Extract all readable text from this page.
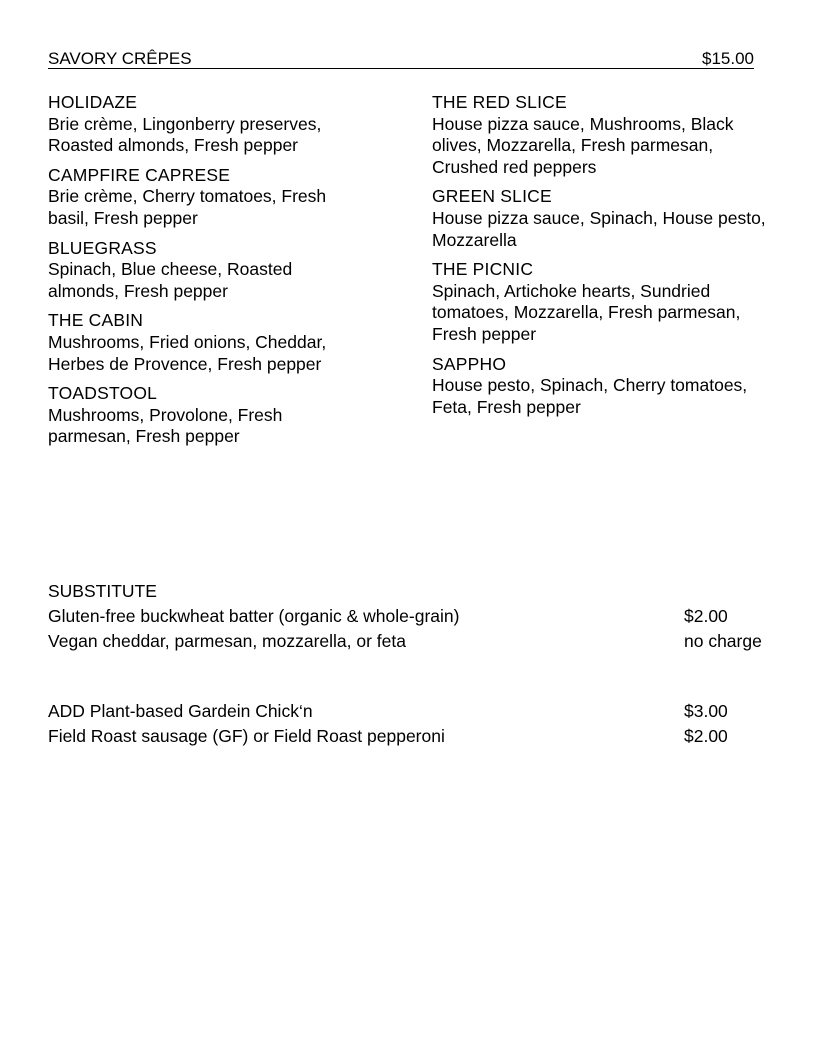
SAVORY CRÊPES	$15.00
HOLIDAZE
Brie crème, Lingonberry preserves, Roasted almonds, Fresh pepper
CAMPFIRE CAPRESE
Brie crème, Cherry tomatoes, Fresh basil, Fresh pepper
BLUEGRASS
Spinach, Blue cheese, Roasted almonds, Fresh pepper
THE CABIN
Mushrooms, Fried onions, Cheddar, Herbes de Provence, Fresh pepper
TOADSTOOL
Mushrooms, Provolone, Fresh parmesan, Fresh pepper
THE RED SLICE
House pizza sauce, Mushrooms, Black olives, Mozzarella, Fresh parmesan, Crushed red peppers
GREEN SLICE
House pizza sauce, Spinach, House pesto, Mozzarella
THE PICNIC
Spinach, Artichoke hearts, Sundried tomatoes, Mozzarella, Fresh parmesan, Fresh pepper
SAPPHO
House pesto, Spinach, Cherry tomatoes, Feta, Fresh pepper
SUBSTITUTE
Gluten-free buckwheat batter (organic & whole-grain)	$2.00
Vegan cheddar, parmesan, mozzarella, or feta	no charge
ADD Plant-based Gardein Chick‘n	$3.00
Field Roast sausage (GF) or Field Roast pepperoni	$2.00
